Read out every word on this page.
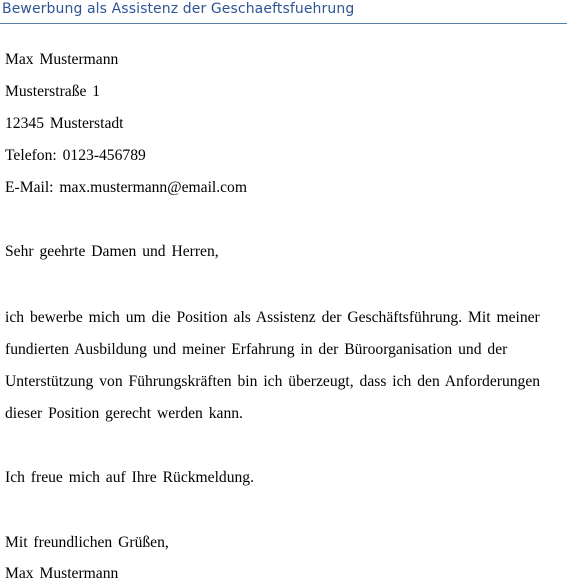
Bewerbung als Assistenz der Geschaeftsfuehrung
Max Mustermann
Musterstraße 1
12345 Musterstadt
Telefon: 0123-456789
E-Mail: max.mustermann@email.com
Sehr geehrte Damen und Herren,
ich bewerbe mich um die Position als Assistenz der Geschäftsführung. Mit meiner
fundierten Ausbildung und meiner Erfahrung in der Büroorganisation und der
Unterstützung von Führungskräften bin ich überzeugt, dass ich den Anforderungen
dieser Position gerecht werden kann.
Ich freue mich auf Ihre Rückmeldung.
Mit freundlichen Grüßen,
Max Mustermann
